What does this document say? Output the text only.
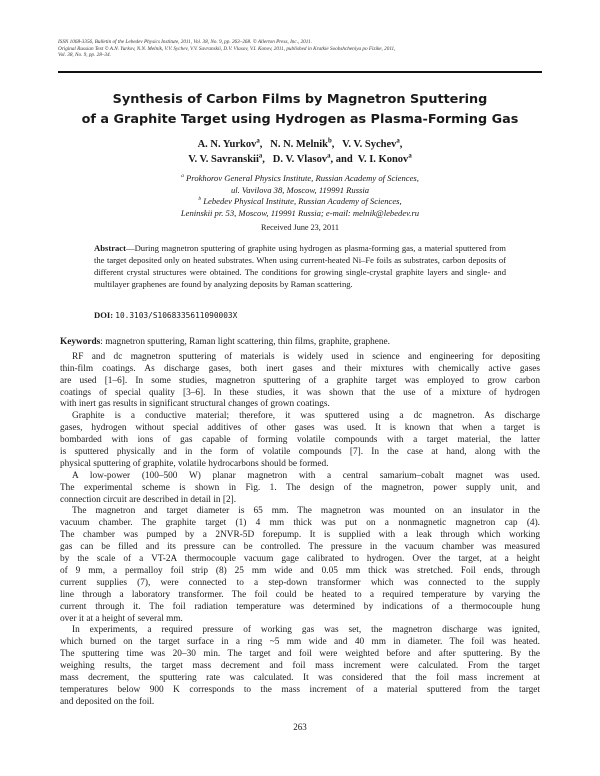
ISSN 1068-3356, Bulletin of the Lebedev Physics Institute, 2011, Vol. 38, No. 9, pp. 263–268. © Allerton Press, Inc., 2011.
Original Russian Text © A.N. Yurkov, N.N. Melnik, V.V. Sychev, V.V. Savranskii, D.V. Vlasov, V.I. Konov, 2011, published in Kratkie Soobshcheniya po Fizike, 2011,
Vol. 38, No. 9, pp. 28–34.
Synthesis of Carbon Films by Magnetron Sputtering
of a Graphite Target using Hydrogen as Plasma-Forming Gas
A. N. Yurkov$^a$,   N. N. Melnik$^b$,   V. V. Sychev$^a$,
V. V. Savranskii$^a$,   D. V. Vlasov$^a$, and V. I. Konov$^a$
$^a$ Prokhorov General Physics Institute, Russian Academy of Sciences,
ul. Vavilova 38, Moscow, 119991 Russia
$^b$ Lebedev Physical Institute, Russian Academy of Sciences,
Leninskii pr. 53, Moscow, 119991 Russia; e-mail: melnik@lebedev.ru
Received June 23, 2011
Abstract—During magnetron sputtering of graphite using hydrogen as plasma-forming gas, a material sputtered from the target deposited only on heated substrates. When using current-heated Ni–Fe foils as substrates, carbon deposits of different crystal structures were obtained. The conditions for growing single-crystal graphite layers and single- and multilayer graphenes are found by analyzing deposits by Raman scattering.
DOI: 10.3103/S1068335611090003X
Keywords: magnetron sputtering, Raman light scattering, thin films, graphite, graphene.
RF and dc magnetron sputtering of materials is widely used in science and engineering for depositing
thin-film coatings. As discharge gases, both inert gases and their mixtures with chemically active gases
are used [1–6]. In some studies, magnetron sputtering of a graphite target was employed to grow carbon
coatings of special quality [3–6]. In these studies, it was shown that the use of a mixture of hydrogen
with inert gas results in significant structural changes of grown coatings.
Graphite is a conductive material; therefore, it was sputtered using a dc magnetron. As discharge
gases, hydrogen without special additives of other gases was used. It is known that when a target is
bombarded with ions of gas capable of forming volatile compounds with a target material, the latter
is sputtered physically and in the form of volatile compounds [7]. In the case at hand, along with the
physical sputtering of graphite, volatile hydrocarbons should be formed.
A low-power (100–500 W) planar magnetron with a central samarium–cobalt magnet was used.
The experimental scheme is shown in Fig. 1. The design of the magnetron, power supply unit, and
connection circuit are described in detail in [2].
The magnetron and target diameter is 65 mm. The magnetron was mounted on an insulator in the
vacuum chamber. The graphite target (1) 4 mm thick was put on a nonmagnetic magnetron cap (4).
The chamber was pumped by a 2NVR-5D forepump. It is supplied with a leak through which working
gas can be filled and its pressure can be controlled. The pressure in the vacuum chamber was measured
by the scale of a VT-2A thermocouple vacuum gage calibrated to hydrogen. Over the target, at a height
of 9 mm, a permalloy foil strip (8) 25 mm wide and 0.05 mm thick was stretched. Foil ends, through
current supplies (7), were connected to a step-down transformer which was connected to the supply
line through a laboratory transformer. The foil could be heated to a required temperature by varying the
current through it. The foil radiation temperature was determined by indications of a thermocouple hung
over it at a height of several mm.
In experiments, a required pressure of working gas was set, the magnetron discharge was ignited,
which burned on the target surface in a ring ~5 mm wide and 40 mm in diameter. The foil was heated.
The sputtering time was 20–30 min. The target and foil were weighted before and after sputtering. By the
weighing results, the target mass decrement and foil mass increment were calculated. From the target
mass decrement, the sputtering rate was calculated. It was considered that the foil mass increment at
temperatures below 900 K corresponds to the mass increment of a material sputtered from the target
and deposited on the foil.
263
